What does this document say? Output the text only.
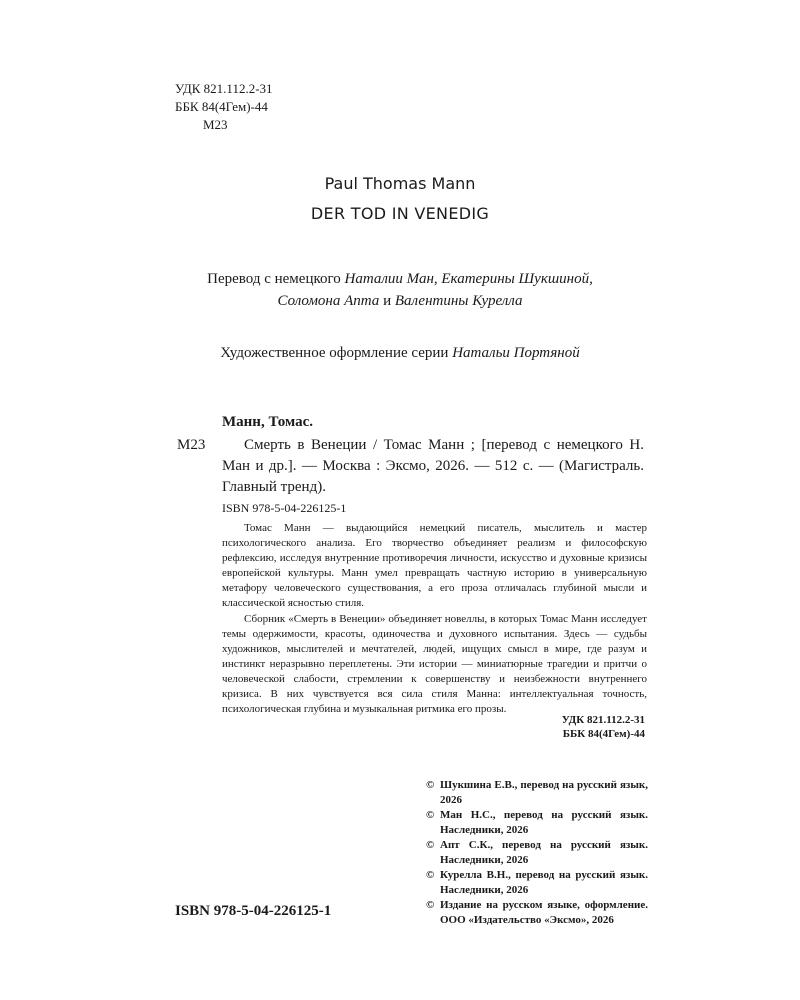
УДК 821.112.2-31
ББК 84(4Гем)-44
М23
Paul Thomas Mann
DER TOD IN VENEDIG
Перевод с немецкого Наталии Ман, Екатерины Шукшиной,
Соломона Апта и Валентины Курелла
Художественное оформление серии Натальи Портяной
Манн, Томас.
М23	Смерть в Венеции / Томас Манн ; [перевод с немецкого Н. Ман и др.]. — Москва : Эксмо, 2026. — 512 с. — (Магистраль. Главный тренд).
ISBN 978-5-04-226125-1
Томас Манн — выдающийся немецкий писатель, мыслитель и мастер психологического анализа. Его творчество объединяет реализм и философскую рефлексию, исследуя внутренние противоречия личности, искусство и духовные кризисы европейской культуры. Манн умел превращать частную историю в универсальную метафору человеческого существования, а его проза отличалась глубиной мысли и классической ясностью стиля.
Сборник «Смерть в Венеции» объединяет новеллы, в которых Томас Манн исследует темы одержимости, красоты, одиночества и духовного испытания. Здесь — судьбы художников, мыслителей и мечтателей, людей, ищущих смысл в мире, где разум и инстинкт неразрывно переплетены. Эти истории — миниатюрные трагедии и притчи о человеческой слабости, стремлении к совершенству и неизбежности внутреннего кризиса. В них чувствуется вся сила стиля Манна: интеллектуальная точность, психологическая глубина и музыкальная ритмика его прозы.
УДК 821.112.2-31
ББК 84(4Гем)-44
© Шукшина Е.В., перевод на русский язык, 2026
© Ман Н.С., перевод на русский язык. Наследники, 2026
© Апт С.К., перевод на русский язык. Наследники, 2026
© Курелла В.Н., перевод на русский язык. Наследники, 2026
© Издание на русском языке, оформление. ООО «Издательство «Эксмо», 2026
ISBN 978-5-04-226125-1
